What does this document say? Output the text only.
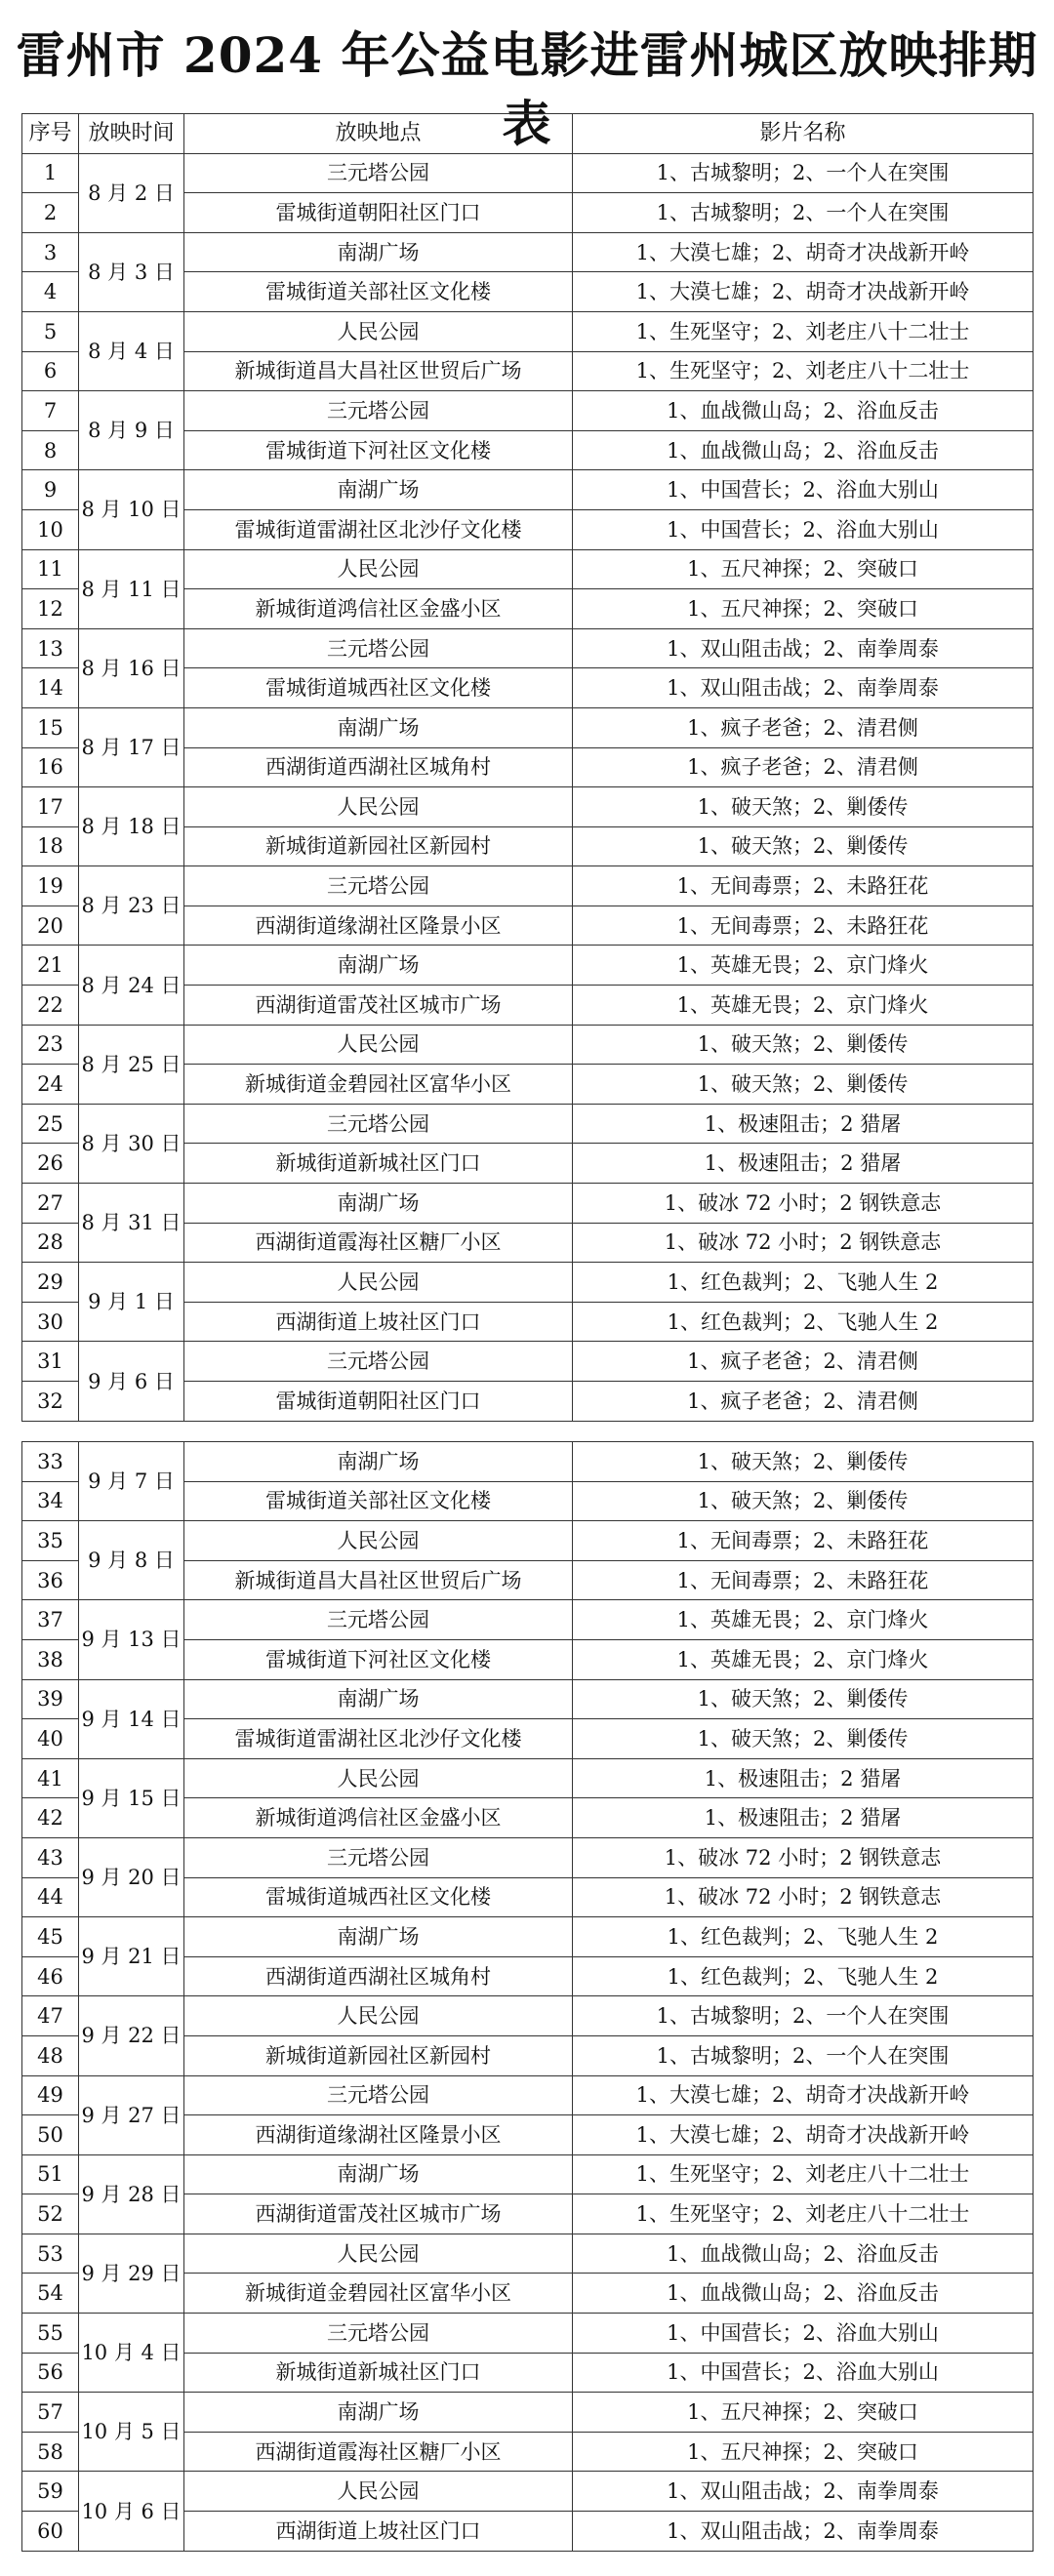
雷州市 2024 年公益电影进雷州城区放映排期表
序号	放映时间	放映地点	影片名称
1	8 月 2 日	三元塔公园	1、古城黎明；2、一个人在突围
2		雷城街道朝阳社区门口	1、古城黎明；2、一个人在突围
3	8 月 3 日	南湖广场	1、大漠七雄；2、胡奇才决战新开岭
4		雷城街道关部社区文化楼	1、大漠七雄；2、胡奇才决战新开岭
5	8 月 4 日	人民公园	1、生死坚守；2、刘老庄八十二壮士
6		新城街道昌大昌社区世贸后广场	1、生死坚守；2、刘老庄八十二壮士
7	8 月 9 日	三元塔公园	1、血战微山岛；2、浴血反击
8		雷城街道下河社区文化楼	1、血战微山岛；2、浴血反击
9	8 月 10 日	南湖广场	1、中国营长；2、浴血大别山
10		雷城街道雷湖社区北沙仔文化楼	1、中国营长；2、浴血大别山
11	8 月 11 日	人民公园	1、五尺神探；2、突破口
12		新城街道鸿信社区金盛小区	1、五尺神探；2、突破口
13	8 月 16 日	三元塔公园	1、双山阻击战；2、南拳周泰
14		雷城街道城西社区文化楼	1、双山阻击战；2、南拳周泰
15	8 月 17 日	南湖广场	1、疯子老爸；2、清君侧
16		西湖街道西湖社区城角村	1、疯子老爸；2、清君侧
17	8 月 18 日	人民公园	1、破天煞；2、剿倭传
18		新城街道新园社区新园村	1、破天煞；2、剿倭传
19	8 月 23 日	三元塔公园	1、无间毒票；2、未路狂花
20		西湖街道缘湖社区隆景小区	1、无间毒票；2、未路狂花
21	8 月 24 日	南湖广场	1、英雄无畏；2、京门烽火
22		西湖街道雷茂社区城市广场	1、英雄无畏；2、京门烽火
23	8 月 25 日	人民公园	1、破天煞；2、剿倭传
24		新城街道金碧园社区富华小区	1、破天煞；2、剿倭传
25	8 月 30 日	三元塔公园	1、极速阻击；2 猎屠
26		新城街道新城社区门口	1、极速阻击；2 猎屠
27	8 月 31 日	南湖广场	1、破冰 72 小时；2 钢铁意志
28		西湖街道霞海社区糖厂小区	1、破冰 72 小时；2 钢铁意志
29	9 月 1 日	人民公园	1、红色裁判；2、飞驰人生 2
30		西湖街道上坡社区门口	1、红色裁判；2、飞驰人生 2
31	9 月 6 日	三元塔公园	1、疯子老爸；2、清君侧
32		雷城街道朝阳社区门口	1、疯子老爸；2、清君侧
33	9 月 7 日	南湖广场	1、破天煞；2、剿倭传
34		雷城街道关部社区文化楼	1、破天煞；2、剿倭传
35	9 月 8 日	人民公园	1、无间毒票；2、未路狂花
36		新城街道昌大昌社区世贸后广场	1、无间毒票；2、未路狂花
37	9 月 13 日	三元塔公园	1、英雄无畏；2、京门烽火
38		雷城街道下河社区文化楼	1、英雄无畏；2、京门烽火
39	9 月 14 日	南湖广场	1、破天煞；2、剿倭传
40		雷城街道雷湖社区北沙仔文化楼	1、破天煞；2、剿倭传
41	9 月 15 日	人民公园	1、极速阻击；2 猎屠
42		新城街道鸿信社区金盛小区	1、极速阻击；2 猎屠
43	9 月 20 日	三元塔公园	1、破冰 72 小时；2 钢铁意志
44		雷城街道城西社区文化楼	1、破冰 72 小时；2 钢铁意志
45	9 月 21 日	南湖广场	1、红色裁判；2、飞驰人生 2
46		西湖街道西湖社区城角村	1、红色裁判；2、飞驰人生 2
47	9 月 22 日	人民公园	1、古城黎明；2、一个人在突围
48		新城街道新园社区新园村	1、古城黎明；2、一个人在突围
49	9 月 27 日	三元塔公园	1、大漠七雄；2、胡奇才决战新开岭
50		西湖街道缘湖社区隆景小区	1、大漠七雄；2、胡奇才决战新开岭
51	9 月 28 日	南湖广场	1、生死坚守；2、刘老庄八十二壮士
52		西湖街道雷茂社区城市广场	1、生死坚守；2、刘老庄八十二壮士
53	9 月 29 日	人民公园	1、血战微山岛；2、浴血反击
54		新城街道金碧园社区富华小区	1、血战微山岛；2、浴血反击
55	10 月 4 日	三元塔公园	1、中国营长；2、浴血大别山
56		新城街道新城社区门口	1、中国营长；2、浴血大别山
57	10 月 5 日	南湖广场	1、五尺神探；2、突破口
58		西湖街道霞海社区糖厂小区	1、五尺神探；2、突破口
59	10 月 6 日	人民公园	1、双山阻击战；2、南拳周泰
60		西湖街道上坡社区门口	1、双山阻击战；2、南拳周泰
